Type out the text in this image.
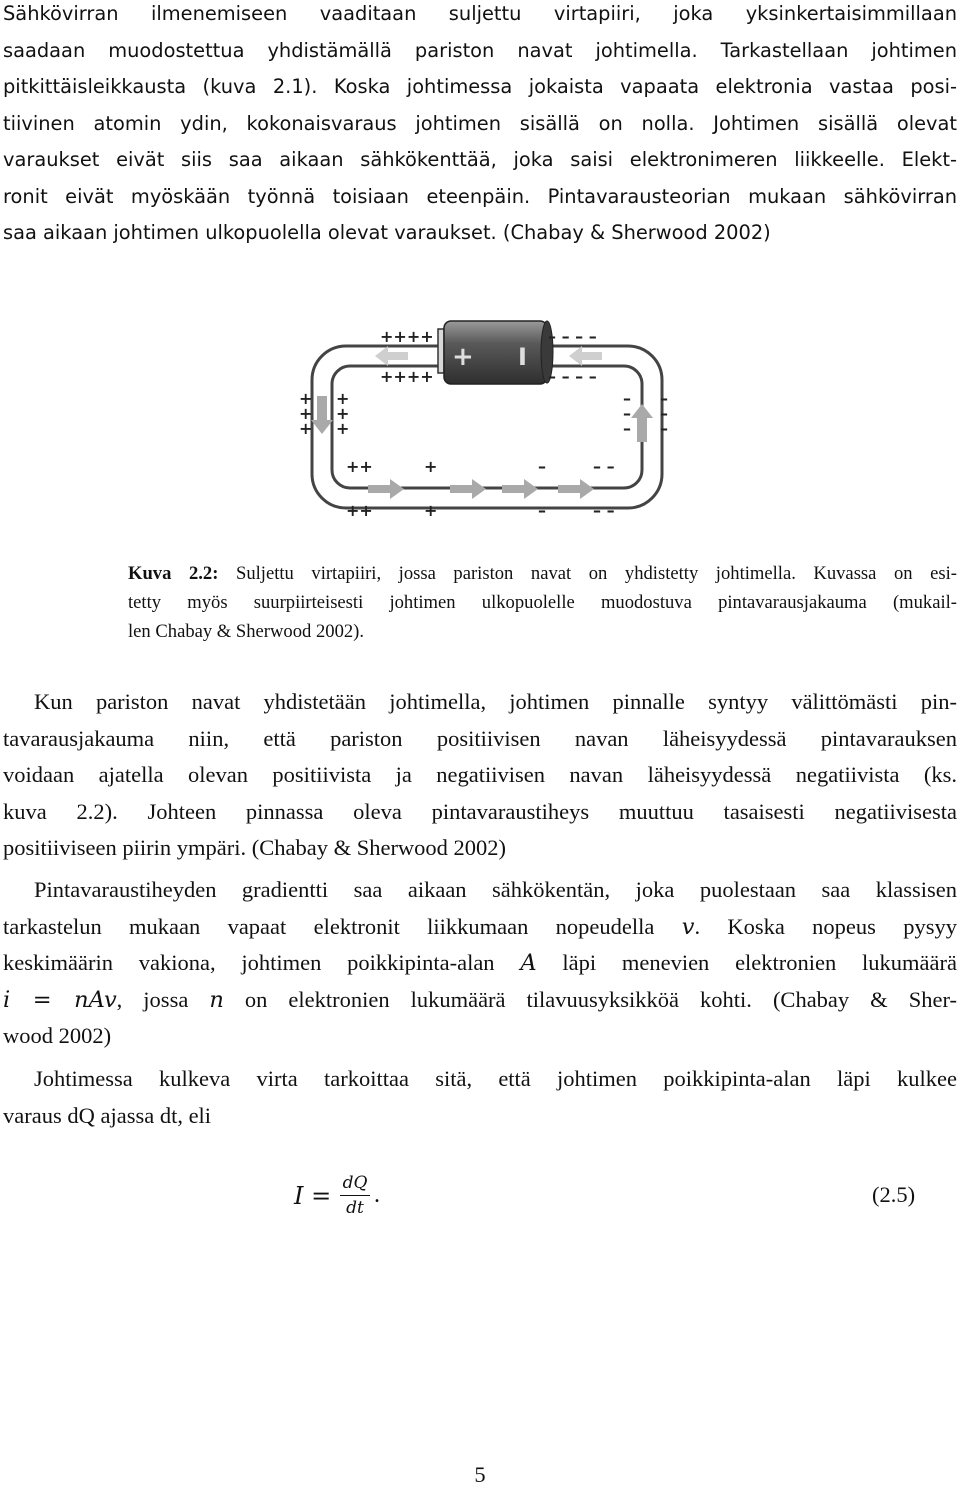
Sähkövirran ilmenemiseen vaaditaan suljettu virtapiiri, joka yksinkertaisimmillaan
saadaan muodostettua yhdistämällä pariston navat johtimella. Tarkastellaan johtimen
pitkittäisleikkausta (kuva 2.1). Koska johtimessa jokaista vapaata elektronia vastaa posi-
tiivinen atomin ydin, kokonaisvaraus johtimen sisällä on nolla. Johtimen sisällä olevat
varaukset eivät siis saa aikaan sähkökenttää, joka saisi elektronimeren liikkeelle. Elekt-
ronit eivät myöskään työnnä toisiaan eteenpäin. Pintavarausteorian mukaan sähkövirran
saa aikaan johtimen ulkopuolella olevat varaukset. (Chabay & Sherwood 2002)
+ I
++++
++++
– – – –
– – – –
+
+
+
+
+
+
–
–
–
–
–
–
++	+	–	– –
++	+	–	– –
Kuva 2.2: Suljettu virtapiiri, jossa pariston navat on yhdistetty johtimella. Kuvassa on esi-
tetty myös suurpiirteisesti johtimen ulkopuolelle muodostuva pintavarausjakauma (mukail-
len Chabay & Sherwood 2002).
Kun pariston navat yhdistetään johtimella, johtimen pinnalle syntyy välittömästi pin-
tavarausjakauma niin, että pariston positiivisen navan läheisyydessä pintavarauksen
voidaan ajatella olevan positiivista ja negatiivisen navan läheisyydessä negatiivista (ks.
kuva 2.2). Johteen pinnassa oleva pintavaraustiheys muuttuu tasaisesti negatiivisesta
positiiviseen piirin ympäri. (Chabay & Sherwood 2002)
Pintavaraustiheyden gradientti saa aikaan sähkökentän, joka puolestaan saa klassisen
tarkastelun mukaan vapaat elektronit liikkumaan nopeudella v. Koska nopeus pysyy
keskimäärin vakiona, johtimen poikkipinta-alan A läpi menevien elektronien lukumäärä
i = nAv, jossa n on elektronien lukumäärä tilavuusyksikköä kohti. (Chabay & Sher-
wood 2002)
Johtimessa kulkeva virta tarkoittaa sitä, että johtimen poikkipinta-alan läpi kulkee
varaus dQ ajassa dt, eli
I = dQ
dt .	(2.5)
5
